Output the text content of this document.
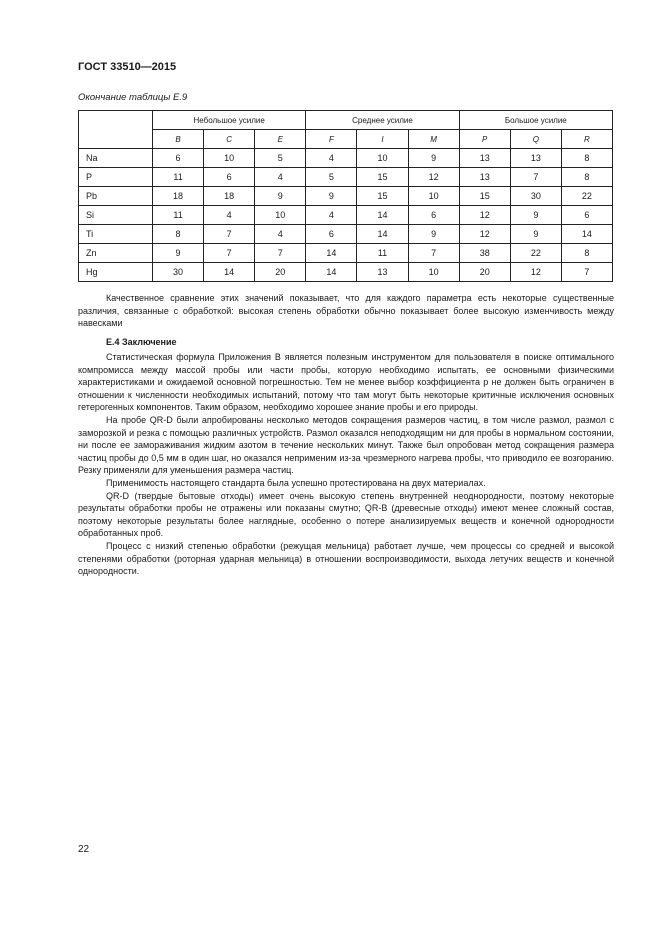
ГОСТ 33510—2015
Окончание таблицы Е.9
	Небольшое усилие			Среднее усилие			Большое усилие		
	B	C	E	F	I	M	P	Q	R
Na	6	10	5	4	10	9	13	13	8
P	11	6	4	5	15	12	13	7	8
Pb	18	18	9	9	15	10	15	30	22
Si	11	4	10	4	14	6	12	9	6
Ti	8	7	4	6	14	9	12	9	14
Zn	9	7	7	14	11	7	38	22	8
Hg	30	14	20	14	13	10	20	12	7

Качественное сравнение этих значений показывает, что для каждого параметра есть некоторые существенные различия, связанные с обработкой: высокая степень обработки обычно показывает более высокую изменчивость между навесками

Е.4 Заключение

Статистическая формула Приложения В является полезным инструментом для пользователя в поиске оптимального компромисса между массой пробы или части пробы, которую необходимо испытать, ее основными физическими характеристиками и ожидаемой основной погрешностью. Тем не менее выбор коэффициента p не должен быть ограничен в отношении к численности необходимых испытаний, потому что там могут быть некоторые критичные исключения основных гетерогенных компонентов. Таким образом, необходимо хорошее знание пробы и его природы.

На пробе QR-D были апробированы несколько методов сокращения размеров частиц, в том числе размол, размол с заморозкой и резка с помощью различных устройств. Размол оказался неподходящим ни для пробы в нормальном состоянии, ни после ее замораживания жидким азотом в течение нескольких минут. Также был опробован метод сокращения размера частиц пробы до 0,5 мм в один шаг, но оказался неприменим из-за чрезмерного нагрева пробы, что приводило ее возгоранию. Резку применяли для уменьшения размера частиц.

Применимость настоящего стандарта была успешно протестирована на двух материалах.

QR-D (твердые бытовые отходы) имеет очень высокую степень внутренней неоднородности, поэтому некоторые результаты обработки пробы не отражены или показаны смутно; QR-B (древесные отходы) имеют менее сложный состав, поэтому некоторые результаты более наглядные, особенно о потере анализируемых веществ и конечной однородности обработанных проб.

Процесс с низкий степенью обработки (режущая мельница) работает лучше, чем процессы со средней и высокой степенями обработки (роторная ударная мельница) в отношении воспроизводимости, выхода летучих веществ и конечной однородности.

22
